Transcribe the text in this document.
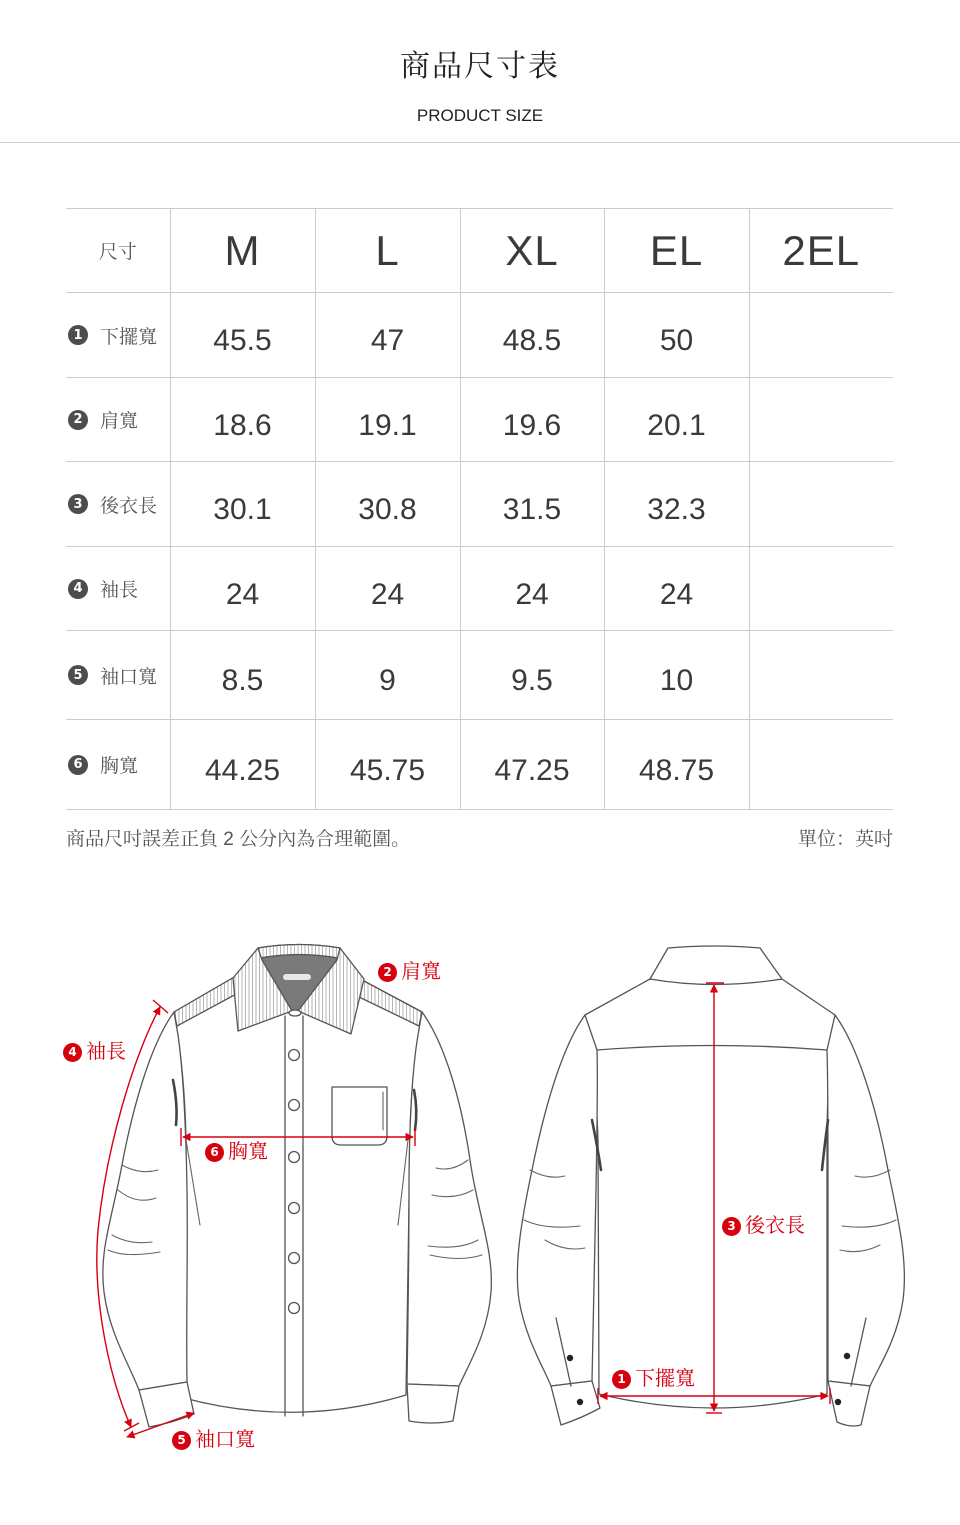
商品尺寸表
PRODUCT SIZE
尺寸	M	L	XL	EL	2EL
1 下擺寬	45.5	47	48.5	50	
2 肩寬	18.6	19.1	19.6	20.1	
3 後衣長	30.1	30.8	31.5	32.3	
4 袖長	24	24	24	24	
5 袖口寬	8.5	9	9.5	10	
6 胸寬	44.25	45.75	47.25	48.75	
商品尺吋誤差正負 2 公分內為合理範圍。	單位：英吋
2 肩寬
4 袖長
6 胸寬
5 袖口寬
3 後衣長
1 下擺寬
